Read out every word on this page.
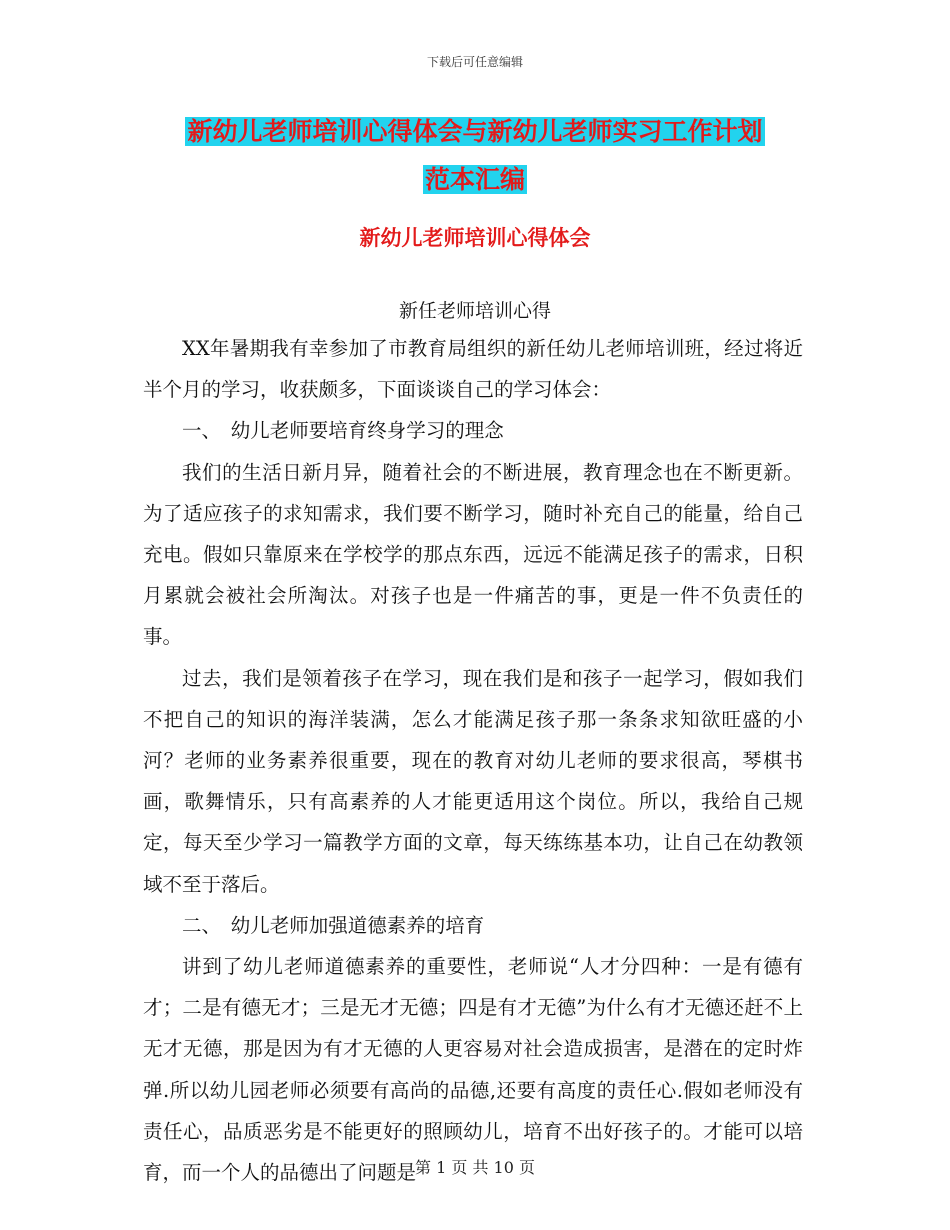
下载后可任意编辑
新幼儿老师培训心得体会与新幼儿老师实习工作计划
范本汇编
新幼儿老师培训心得体会
新任老师培训心得

XX年暑期我有幸参加了市教育局组织的新任幼儿老师培训班，经过将近半个月的学习，收获颇多，下面谈谈自己的学习体会：

一、　幼儿老师要培育终身学习的理念

我们的生活日新月异，随着社会的不断进展，教育理念也在不断更新。为了适应孩子的求知需求，我们要不断学习，随时补充自己的能量，给自己充电。假如只靠原来在学校学的那点东西，远远不能满足孩子的需求，日积月累就会被社会所淘汰。对孩子也是一件痛苦的事，更是一件不负责任的事。

过去，我们是领着孩子在学习，现在我们是和孩子一起学习，假如我们不把自己的知识的海洋装满，怎么才能满足孩子那一条条求知欲旺盛的小河？老师的业务素养很重要，现在的教育对幼儿老师的要求很高，琴棋书画，歌舞情乐，只有高素养的人才能更适用这个岗位。所以，我给自己规定，每天至少学习一篇教学方面的文章，每天练练基本功，让自己在幼教领域不至于落后。

二、　幼儿老师加强道德素养的培育

讲到了幼儿老师道德素养的重要性，老师说“人才分四种：一是有德有才；二是有德无才；三是无才无德；四是有才无德”为什么有才无德还赶不上无才无德，那是因为有才无德的人更容易对社会造成损害，是潜在的定时炸弹.所以幼儿园老师必须要有高尚的品德,还要有高度的责任心.假如老师没有责任心，品质恶劣是不能更好的照顾幼儿，培育不出好孩子的。才能可以培育，而一个人的品德出了问题是

第 1 页 共 10 页
